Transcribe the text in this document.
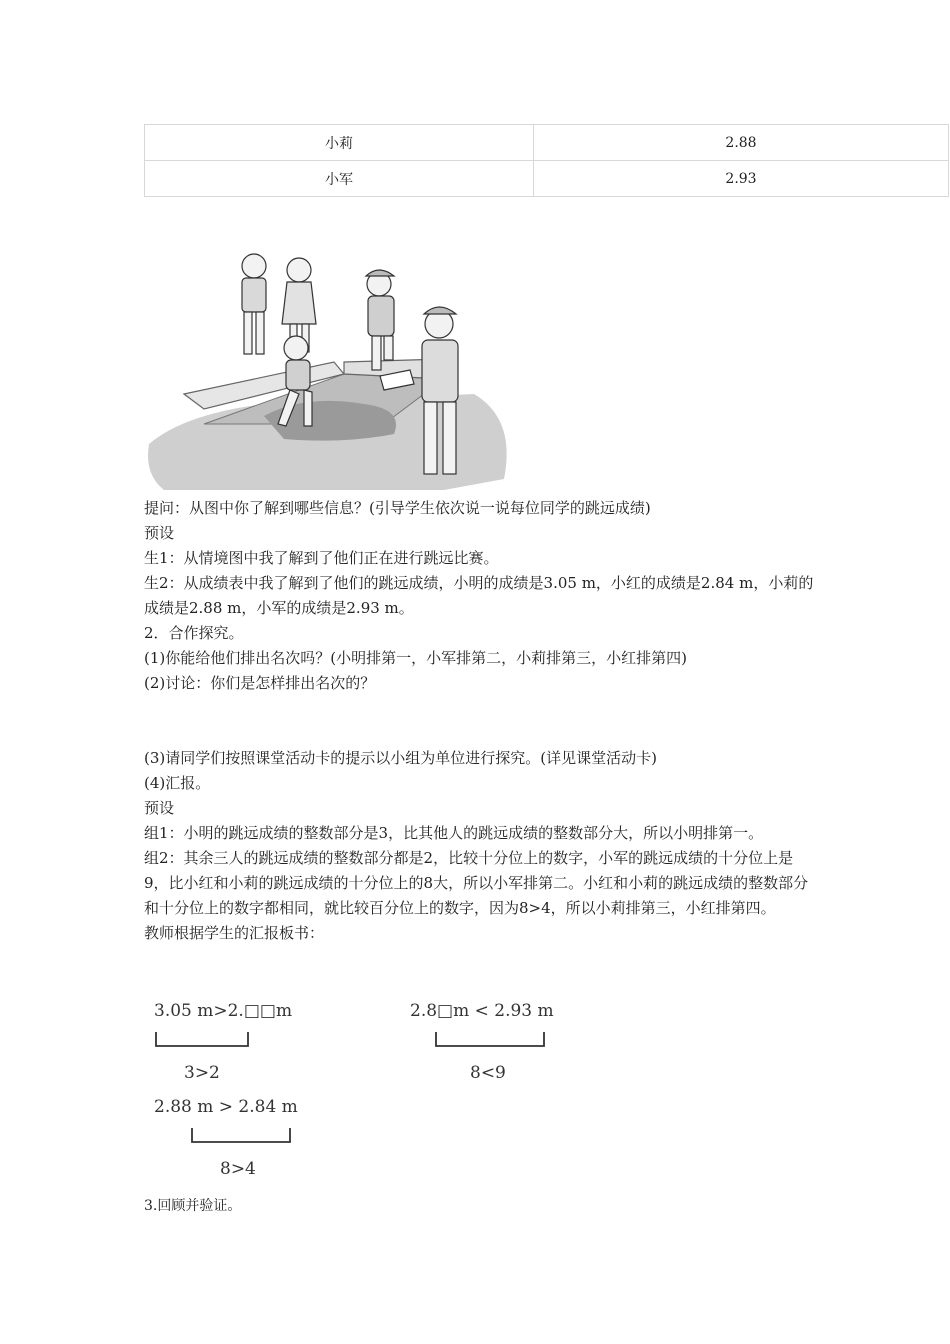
小莉	2.88
小军	2.93

提问：从图中你了解到哪些信息？(引导学生依次说一说每位同学的跳远成绩)

预设

生1：从情境图中我了解到了他们正在进行跳远比赛。

生2：从成绩表中我了解到了他们的跳远成绩，小明的成绩是3.05 m，小红的成绩是2.84 m，小莉的成绩是2.88 m，小军的成绩是2.93 m。

2．合作探究。

(1)你能给他们排出名次吗？(小明排第一，小军排第二，小莉排第三，小红排第四)

(2)讨论：你们是怎样排出名次的？

(3)请同学们按照课堂活动卡的提示以小组为单位进行探究。(详见课堂活动卡)

(4)汇报。

预设

组1：小明的跳远成绩的整数部分是3，比其他人的跳远成绩的整数部分大，所以小明排第一。

组2：其余三人的跳远成绩的整数部分都是2，比较十分位上的数字，小军的跳远成绩的十分位上是9，比小红和小莉的跳远成绩的十分位上的8大，所以小军排第二。小红和小莉的跳远成绩的整数部分和十分位上的数字都相同，就比较百分位上的数字，因为8>4，所以小莉排第三，小红排第四。

教师根据学生的汇报板书：

3.05 m>2.□□m
3>2
2.8□m < 2.93 m
8<9
2.88 m > 2.84 m
8>4
3.回顾并验证。
